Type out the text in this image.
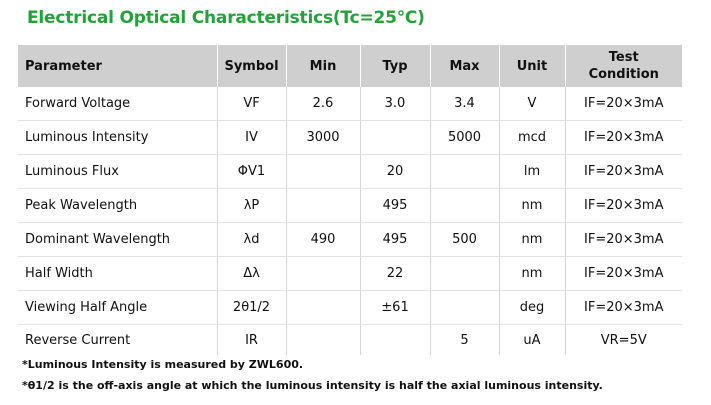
Electrical Optical Characteristics(Tc=25℃)
Parameter	Symbol	Min	Typ	Max	Unit	Test
Condition

Forward Voltage	VF	2.6	3.0	3.4	V	IF=20×3mA
Luminous Intensity	IV	3000		5000	mcd	IF=20×3mA
Luminous Flux	ΦV1		20		lm	IF=20×3mA
Peak Wavelength	λP		495		nm	IF=20×3mA
Dominant Wavelength	λd	490	495	500	nm	IF=20×3mA
Half Width	Δλ		22		nm	IF=20×3mA
Viewing Half Angle	2θ1/2		±61		deg	IF=20×3mA
Reverse Current	IR			5	uA	VR=5V
*Luminous Intensity is measured by ZWL600.
*θ1/2 is the off-axis angle at which the luminous intensity is half the axial luminous intensity.
